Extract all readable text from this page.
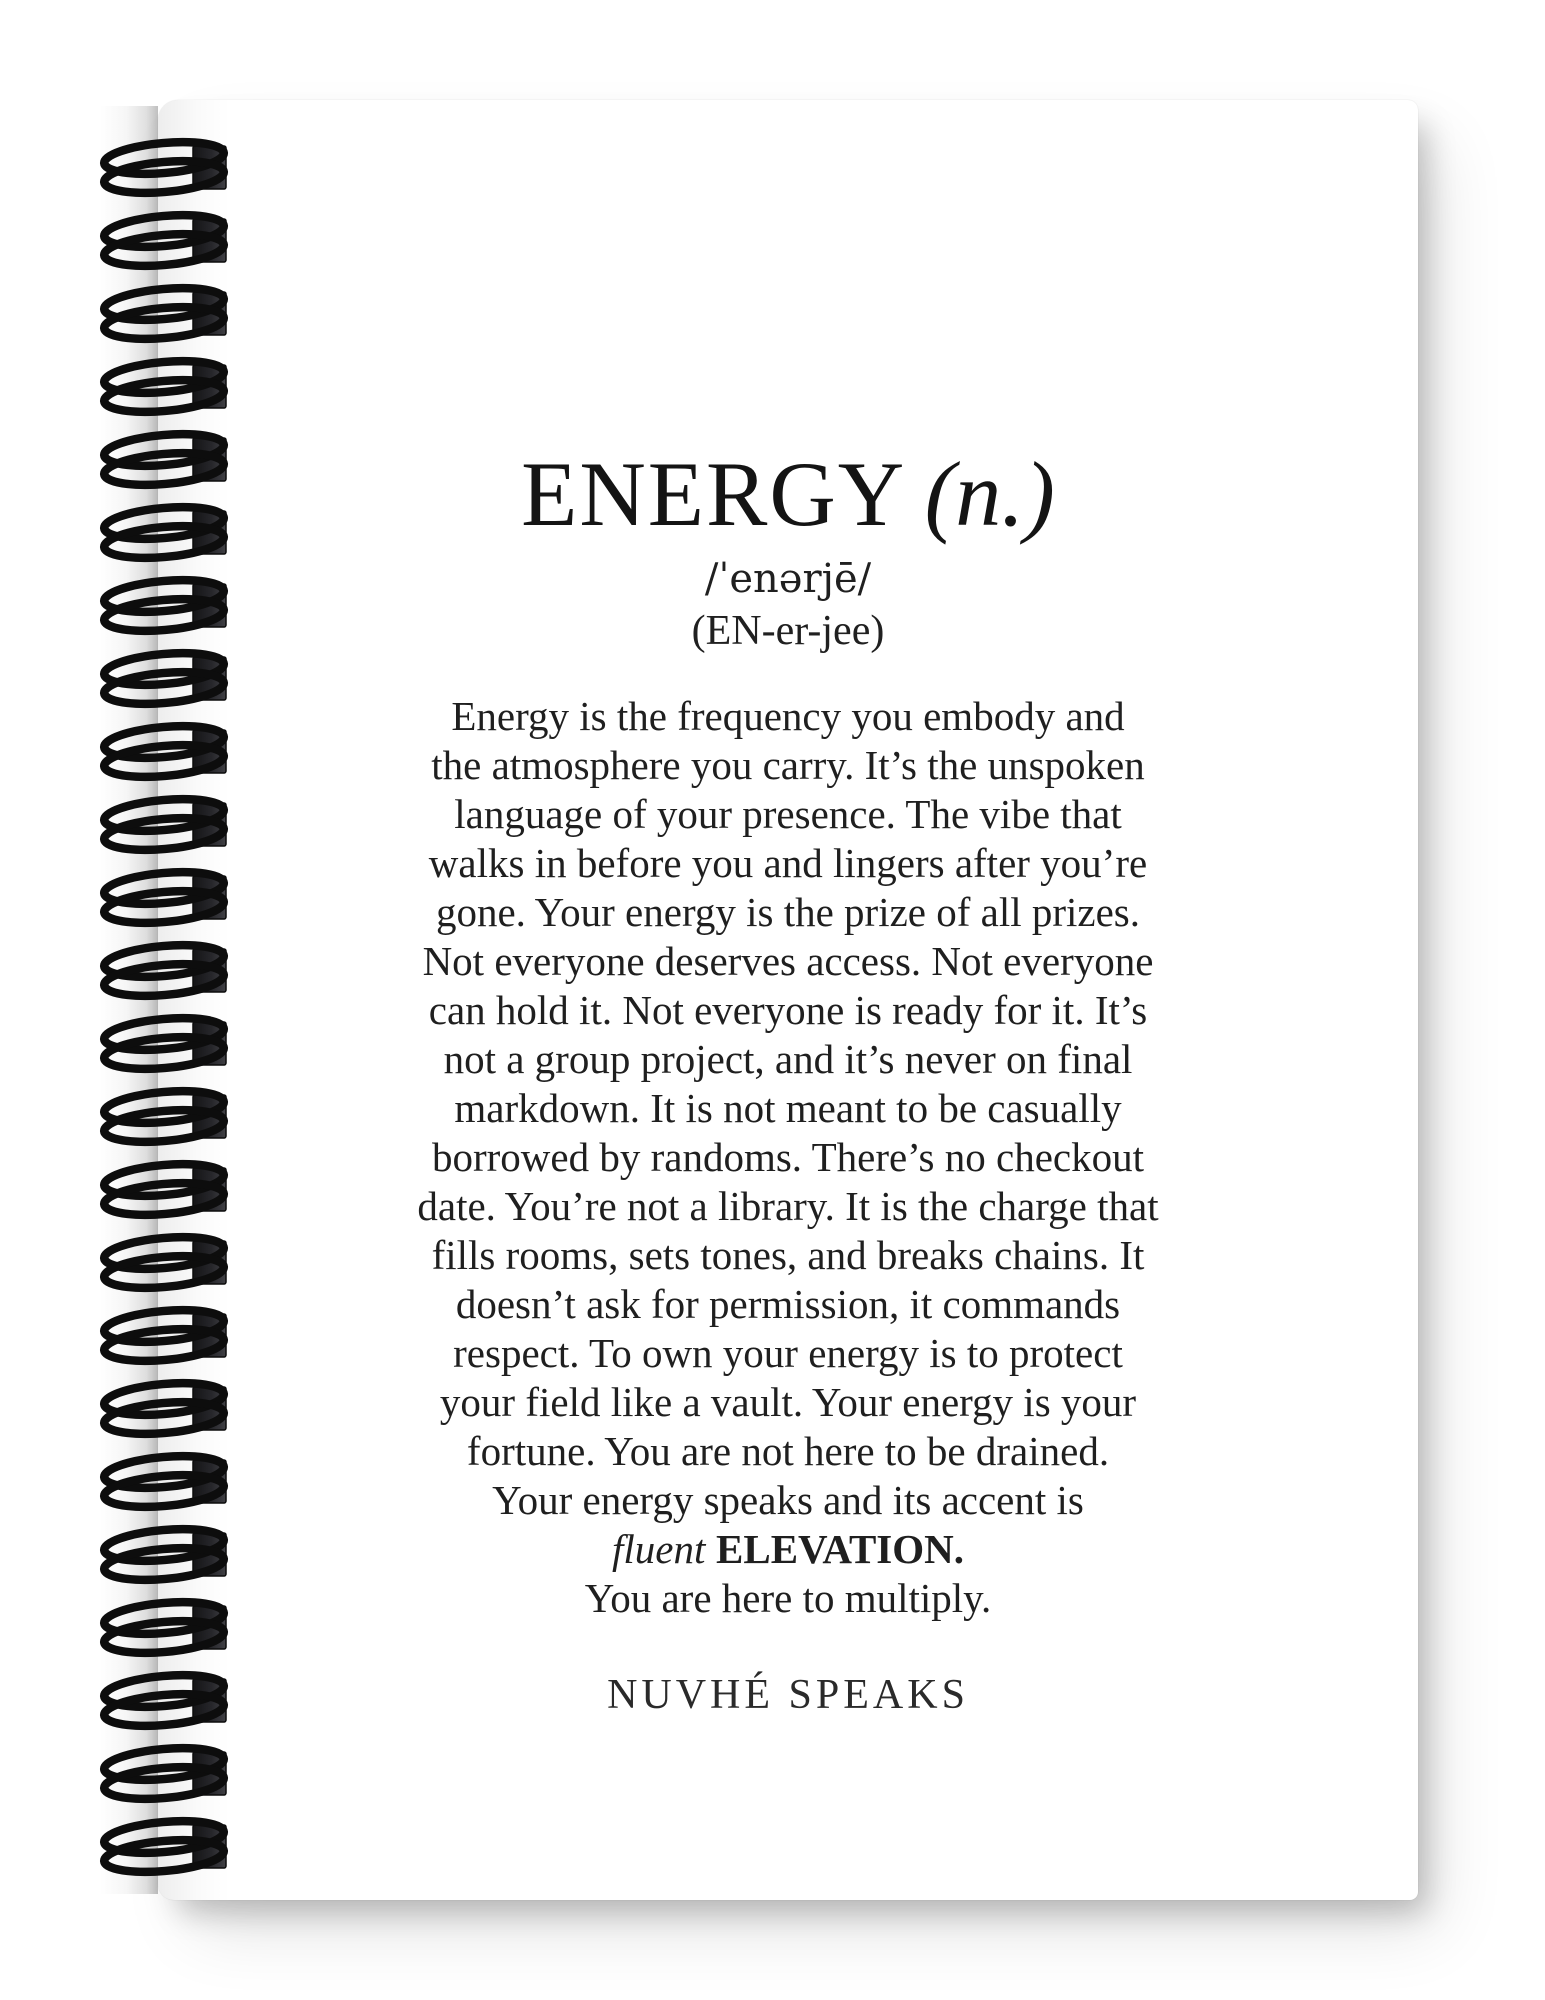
ENERGY (n.)
/ˈenərjē/
(EN-er-jee)
Energy is the frequency you embody and
the atmosphere you carry. It’s the unspoken
language of your presence. The vibe that
walks in before you and lingers after you’re
gone. Your energy is the prize of all prizes.
Not everyone deserves access. Not everyone
can hold it. Not everyone is ready for it. It’s
not a group project, and it’s never on final
markdown. It is not meant to be casually
borrowed by randoms. There’s no checkout
date. You’re not a library. It is the charge that
fills rooms, sets tones, and breaks chains. It
doesn’t ask for permission, it commands
respect. To own your energy is to protect
your field like a vault. Your energy is your
fortune. You are not here to be drained.
Your energy speaks and its accent is
fluent ELEVATION.
You are here to multiply.
NUVHÉ SPEAKS
